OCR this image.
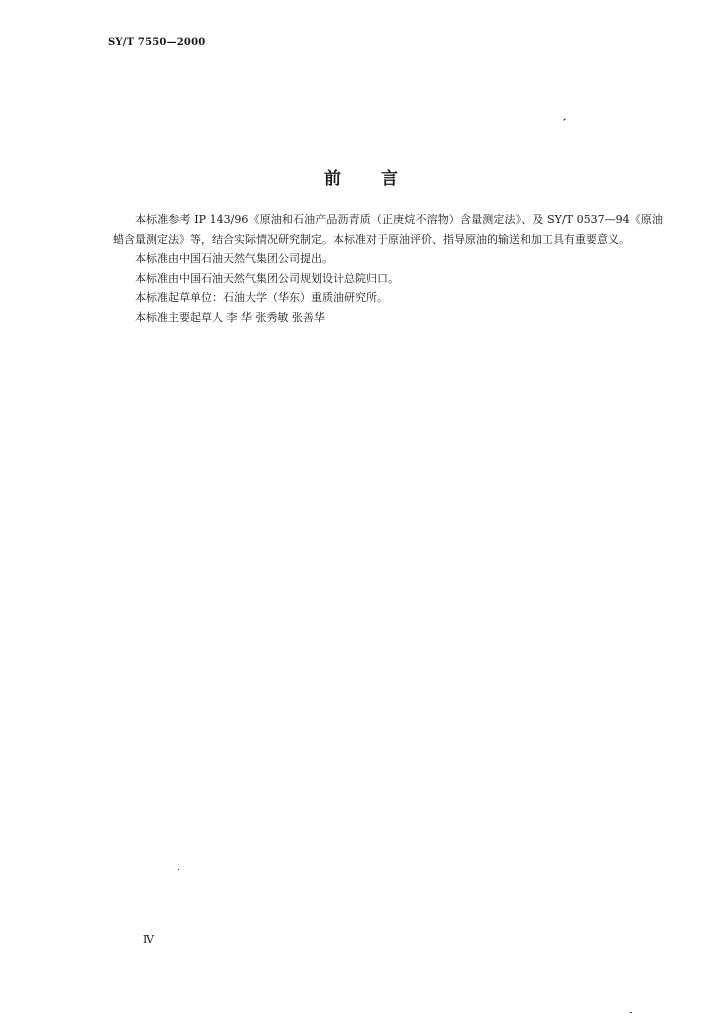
SY/T 7550—2000
前 言

本标准参考 IP 143/96《原油和石油产品沥青质（正庚烷不溶物）含量测定法》、及 SY/T 0537—94《原油蜡含量测定法》等，结合实际情况研究制定。本标准对于原油评价、指导原油的输送和加工具有重要意义。

本标准由中国石油天然气集团公司提出。

本标准由中国石油天然气集团公司规划设计总院归口。

本标准起草单位：石油大学（华东）重质油研究所。

本标准主要起草人 李 华 张秀敏 张善华

Ⅳ
